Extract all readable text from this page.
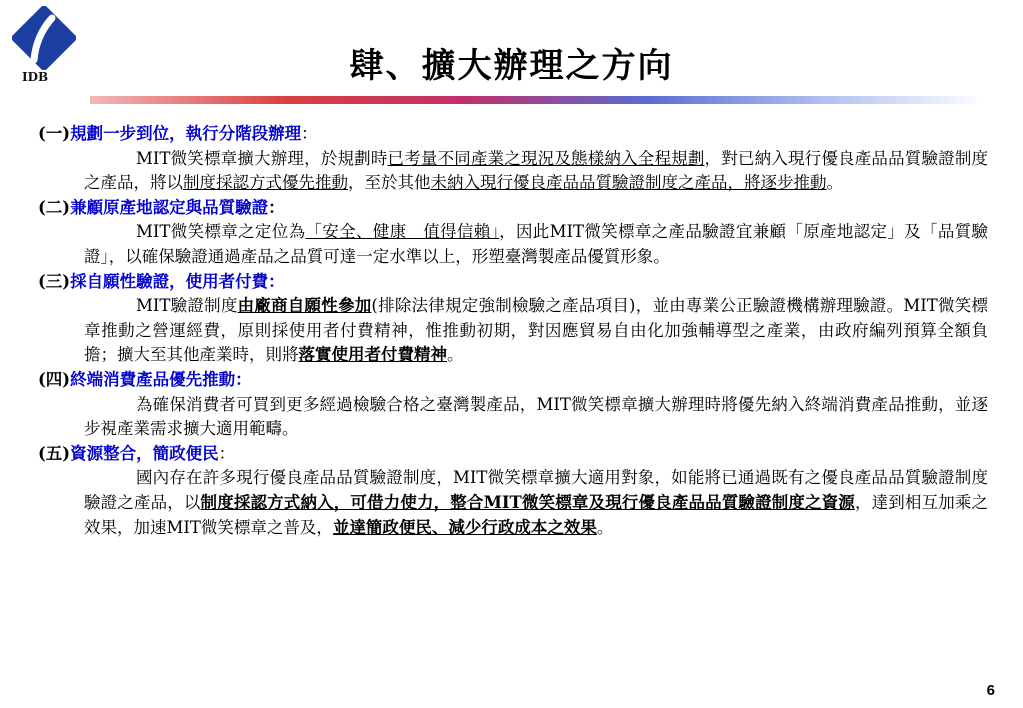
IDB	肆、擴大辦理之方向
(一)規劃一步到位，執行分階段辦理：
MIT微笑標章擴大辦理，於規劃時已考量不同產業之現況及態樣納入全程規劃，對已納入現行優良產品品質驗證制度之產品，將以制度採認方式優先推動，至於其他未納入現行優良產品品質驗證制度之產品，將逐步推動。
(二)兼顧原產地認定與品質驗證：
MIT微笑標章之定位為「安全、健康　值得信賴」，因此MIT微笑標章之產品驗證宜兼顧「原產地認定」及「品質驗證」，以確保驗證通過產品之品質可達一定水準以上，形塑臺灣製產品優質形象。
(三)採自願性驗證，使用者付費：
MIT驗證制度由廠商自願性參加(排除法律規定強制檢驗之產品項目)，並由專業公正驗證機構辦理驗證。MIT微笑標章推動之營運經費，原則採使用者付費精神，惟推動初期，對因應貿易自由化加強輔導型之產業，由政府編列預算全額負擔；擴大至其他產業時，則將落實使用者付費精神。
(四)終端消費產品優先推動：
為確保消費者可買到更多經過檢驗合格之臺灣製產品，MIT微笑標章擴大辦理時將優先納入終端消費產品推動，並逐步視產業需求擴大適用範疇。
(五)資源整合，簡政便民：
國內存在許多現行優良產品品質驗證制度，MIT微笑標章擴大適用對象，如能將已通過既有之優良產品品質驗證制度驗證之產品，以制度採認方式納入，可借力使力，整合MIT微笑標章及現行優良產品品質驗證制度之資源，達到相互加乘之效果，加速MIT微笑標章之普及，並達簡政便民、減少行政成本之效果。
6
